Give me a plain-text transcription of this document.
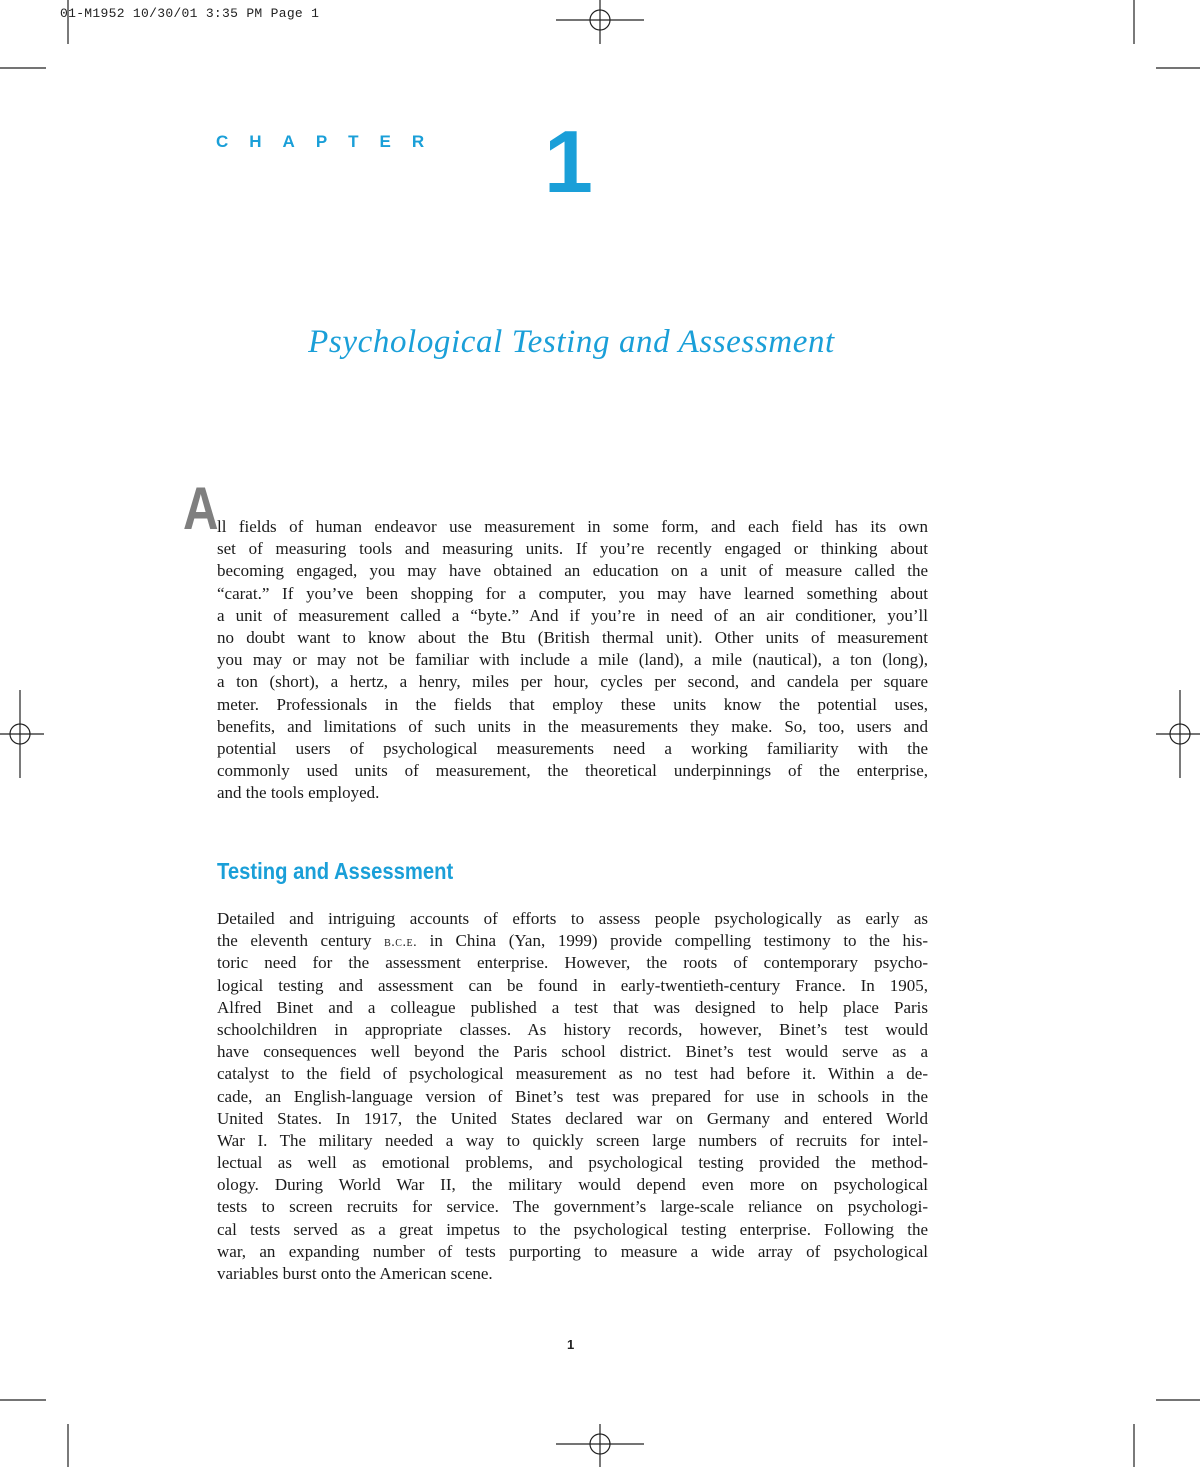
01-M1952 10/30/01 3:35 PM Page 1
CHAPTER 1
Psychological Testing and Assessment
A
ll fields of human endeavor use measurement in some form, and each field has its own
set of measuring tools and measuring units. If you’re recently engaged or thinking about
becoming engaged, you may have obtained an education on a unit of measure called the
“carat.” If you’ve been shopping for a computer, you may have learned something about
a unit of measurement called a “byte.” And if you’re in need of an air conditioner, you’ll
no doubt want to know about the Btu (British thermal unit). Other units of measurement
you may or may not be familiar with include a mile (land), a mile (nautical), a ton (long),
a ton (short), a hertz, a henry, miles per hour, cycles per second, and candela per square
meter. Professionals in the fields that employ these units know the potential uses,
benefits, and limitations of such units in the measurements they make. So, too, users and
potential users of psychological measurements need a working familiarity with the
commonly used units of measurement, the theoretical underpinnings of the enterprise,
and the tools employed.
Testing and Assessment
Detailed and intriguing accounts of efforts to assess people psychologically as early as
the eleventh century b.c.e. in China (Yan, 1999) provide compelling testimony to the his-
toric need for the assessment enterprise. However, the roots of contemporary psycho-
logical testing and assessment can be found in early-twentieth-century France. In 1905,
Alfred Binet and a colleague published a test that was designed to help place Paris
schoolchildren in appropriate classes. As history records, however, Binet’s test would
have consequences well beyond the Paris school district. Binet’s test would serve as a
catalyst to the field of psychological measurement as no test had before it. Within a de-
cade, an English-language version of Binet’s test was prepared for use in schools in the
United States. In 1917, the United States declared war on Germany and entered World
War I. The military needed a way to quickly screen large numbers of recruits for intel-
lectual as well as emotional problems, and psychological testing provided the method-
ology. During World War II, the military would depend even more on psychological
tests to screen recruits for service. The government’s large-scale reliance on psychologi-
cal tests served as a great impetus to the psychological testing enterprise. Following the
war, an expanding number of tests purporting to measure a wide array of psychological
variables burst onto the American scene.
1
